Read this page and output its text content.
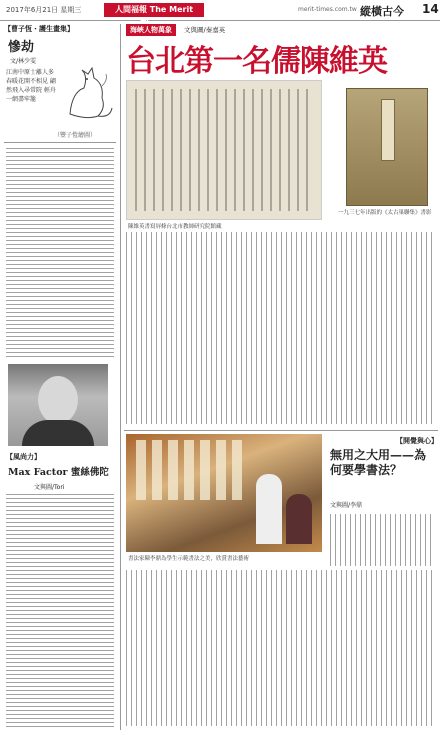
2017年6月21日 星期三	人間福報 The Merit	merit-times.com.tw 縱橫古今 14
【曹子恆・護生畫集】
慘劫
文/林少雯
江南中原士離人多 春暖花開不相見 翩然飛入尋常院 輕舟一網盡牢籠
（豐子愷繪圖）
【風尚力】
Max Factor 蜜絲佛陀
文與圖/Tori
海峽人物萬象	文與圖/秦嘉英
台北第一名儒陳維英
陳維英書寫屏條台北市教師研究院館藏
一九三七年出版的《太古巢聯集》書影
書法家陳李鼎為學生示範書法之美，欣賞書法藝術
【開覺與心】
無用之大用——為何要學書法？
文與圖/李鼎
